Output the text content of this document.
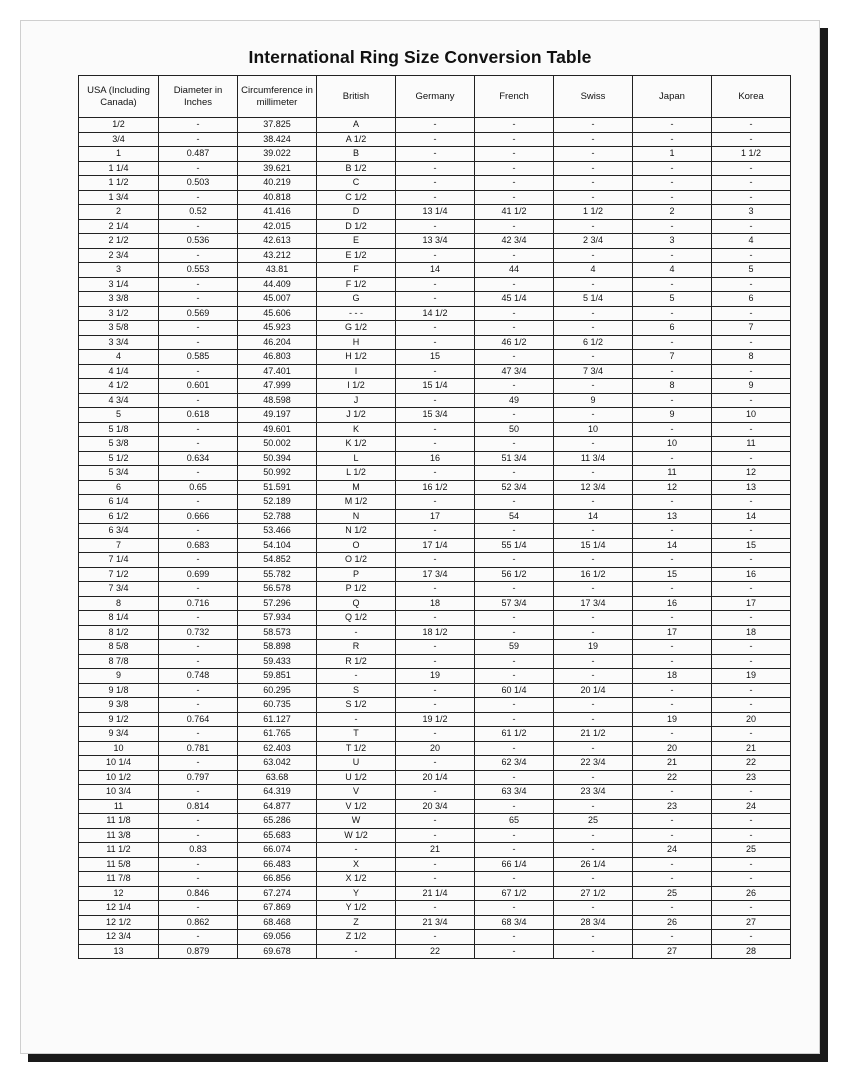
International Ring Size Conversion Table
USA (Including Canada)	Diameter in Inches	Circumference in millimeter	British	Germany	French	Swiss	Japan	Korea
1/2	-	37.825	A	-	-	-	-	-
3/4	-	38.424	A 1/2	-	-	-	-	-
1	0.487	39.022	B	-	-	-	1	1 1/2
1 1/4	-	39.621	B 1/2	-	-	-	-	-
1 1/2	0.503	40.219	C	-	-	-	-	-
1 3/4	-	40.818	C 1/2	-	-	-	-	-
2	0.52	41.416	D	13 1/4	41 1/2	1 1/2	2	3
2 1/4	-	42.015	D 1/2	-	-	-	-	-
2 1/2	0.536	42.613	E	13 3/4	42 3/4	2 3/4	3	4
2 3/4	-	43.212	E 1/2	-	-	-	-	-
3	0.553	43.81	F	14	44	4	4	5
3 1/4	-	44.409	F 1/2	-	-	-	-	-
3 3/8	-	45.007	G	-	45 1/4	5 1/4	5	6
3 1/2	0.569	45.606	- - -	14 1/2	-	-	-	-
3 5/8	-	45.923	G 1/2	-	-	-	6	7
3 3/4	-	46.204	H	-	46 1/2	6 1/2	-	-
4	0.585	46.803	H 1/2	15	-	-	7	8
4 1/4	-	47.401	I	-	47 3/4	7 3/4	-	-
4 1/2	0.601	47.999	I 1/2	15 1/4	-	-	8	9
4 3/4	-	48.598	J	-	49	9	-	-
5	0.618	49.197	J 1/2	15 3/4	-	-	9	10
5 1/8	-	49.601	K	-	50	10	-	-
5 3/8	-	50.002	K 1/2	-	-	-	10	11
5 1/2	0.634	50.394	L	16	51 3/4	11 3/4	-	-
5 3/4	-	50.992	L 1/2	-	-	-	11	12
6	0.65	51.591	M	16 1/2	52 3/4	12 3/4	12	13
6 1/4	-	52.189	M 1/2	-	-	-	-	-
6 1/2	0.666	52.788	N	17	54	14	13	14
6 3/4	-	53.466	N 1/2	-	-	-	-	-
7	0.683	54.104	O	17 1/4	55 1/4	15 1/4	14	15
7 1/4	-	54.852	O 1/2	-	-	-	-	-
7 1/2	0.699	55.782	P	17 3/4	56 1/2	16 1/2	15	16
7 3/4	-	56.578	P 1/2	-	-	-	-	-
8	0.716	57.296	Q	18	57 3/4	17 3/4	16	17
8 1/4	-	57.934	Q 1/2	-	-	-	-	-
8 1/2	0.732	58.573	-	18 1/2	-	-	17	18
8 5/8	-	58.898	R	-	59	19	-	-
8 7/8	-	59.433	R 1/2	-	-	-	-	-
9	0.748	59.851	-	19	-	-	18	19
9 1/8	-	60.295	S	-	60 1/4	20 1/4	-	-
9 3/8	-	60.735	S 1/2	-	-	-	-	-
9 1/2	0.764	61.127	-	19 1/2	-	-	19	20
9 3/4	-	61.765	T	-	61 1/2	21 1/2	-	-
10	0.781	62.403	T 1/2	20	-	-	20	21
10 1/4	-	63.042	U	-	62 3/4	22 3/4	21	22
10 1/2	0.797	63.68	U 1/2	20 1/4	-	-	22	23
10 3/4	-	64.319	V	-	63 3/4	23 3/4	-	-
11	0.814	64.877	V 1/2	20 3/4	-	-	23	24
11 1/8	-	65.286	W	-	65	25	-	-
11 3/8	-	65.683	W 1/2	-	-	-	-	-
11 1/2	0.83	66.074	-	21	-	-	24	25
11 5/8	-	66.483	X	-	66 1/4	26 1/4	-	-
11 7/8	-	66.856	X 1/2	-	-	-	-	-
12	0.846	67.274	Y	21 1/4	67 1/2	27 1/2	25	26
12 1/4	-	67.869	Y 1/2	-	-	-	-	-
12 1/2	0.862	68.468	Z	21 3/4	68 3/4	28 3/4	26	27
12 3/4	-	69.056	Z 1/2	-	-	-	-	-
13	0.879	69.678	-	22	-	-	27	28
